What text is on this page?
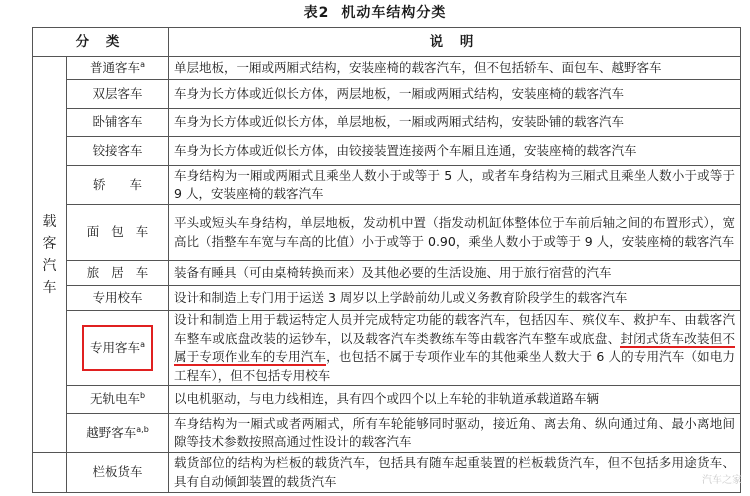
表2 机动车结构分类
分 类		说 明

载
客
汽
车	普通客车$^a$	单层地板，一厢或两厢式结构，安装座椅的载客汽车，但不包括轿车、面包车、越野客车
	双层客车	车身为长方体或近似长方体，两层地板，一厢或两厢式结构，安装座椅的载客汽车
	卧铺客车	车身为长方体或近似长方体，单层地板，一厢或两厢式结构，安装卧铺的载客汽车
	铰接客车	车身为长方体或近似长方体，由铰接装置连接两个车厢且连通，安装座椅的载客汽车
	轿车	车身结构为一厢或两厢式且乘坐人数小于或等于 5 人，或者车身结构为三厢式且乘坐人数小于或等于 9 人，安装座椅的载客汽车
	面包车	平头或短头车身结构，单层地板，发动机中置（指发动机缸体整体位于车前后轴之间的布置形式），宽高比（指整车车宽与车高的比值）小于或等于 0.90，乘坐人数小于或等于 9 人，安装座椅的载客汽车
	旅居车	装备有睡具（可由桌椅转换而来）及其他必要的生活设施、用于旅行宿营的汽车
	专用校车	设计和制造上专门用于运送 3 周岁以上学龄前幼儿或义务教育阶段学生的载客汽车
	专用客车$^a$	设计和制造上用于载运特定人员并完成特定功能的载客汽车，包括囚车、殡仪车、救护车、由载客汽车整车或底盘改装的运钞车，以及载客汽车类教练车等由载客汽车整车或底盘、封闭式货车改装但不属于专项作业车的专用汽车，也包括不属于专项作业车的其他乘坐人数大于 6 人的专用汽车（如电力工程车），但不包括专用校车
	无轨电车$^b$	以电机驱动，与电力线相连，具有四个或四个以上车轮的非轨道承载道路车辆
	越野客车$^{a,b}$	车身结构为一厢式或者两厢式，所有车轮能够同时驱动，接近角、离去角、纵向通过角、最小离地间隙等技术参数按照高通过性设计的载客汽车
	栏板货车	载货部位的结构为栏板的载货汽车，包括具有随车起重装置的栏板载货汽车，但不包括多用途货车、具有自动倾卸装置的载货汽车	汽车之家
